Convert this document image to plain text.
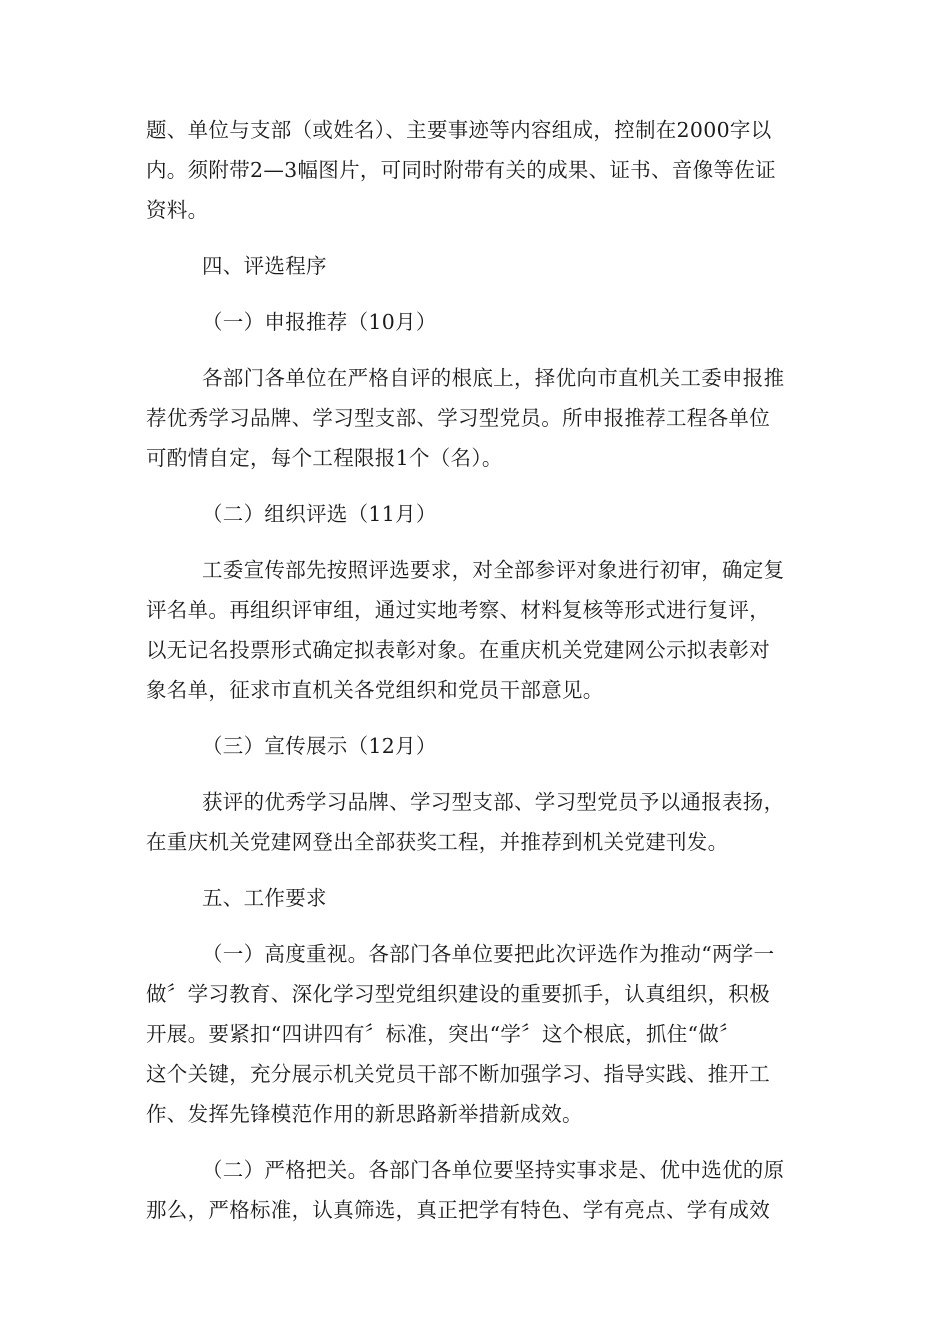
题、单位与支部（或姓名）、主要事迹等内容组成，控制在2000字以
内。须附带2—3幅图片，可同时附带有关的成果、证书、音像等佐证
资料。
四、评选程序
（一）申报推荐（10月）
各部门各单位在严格自评的根底上，择优向市直机关工委申报推
荐优秀学习品牌、学习型支部、学习型党员。所申报推荐工程各单位
可酌情自定，每个工程限报1个（名）。
（二）组织评选（11月）
工委宣传部先按照评选要求，对全部参评对象进行初审，确定复
评名单。再组织评审组，通过实地考察、材料复核等形式进行复评，
以无记名投票形式确定拟表彰对象。在重庆机关党建网公示拟表彰对
象名单，征求市直机关各党组织和党员干部意见。
（三）宣传展示（12月）
获评的优秀学习品牌、学习型支部、学习型党员予以通报表扬，
在重庆机关党建网登出全部获奖工程，并推荐到机关党建刊发。
五、工作要求
（一）高度重视。各部门各单位要把此次评选作为推动“两学一
做〞学习教育、深化学习型党组织建设的重要抓手，认真组织，积极
开展。要紧扣“四讲四有〞标准，突出“学〞这个根底，抓住“做〞
这个关键，充分展示机关党员干部不断加强学习、指导实践、推开工
作、发挥先锋模范作用的新思路新举措新成效。
（二）严格把关。各部门各单位要坚持实事求是、优中选优的原
那么，严格标准，认真筛选，真正把学有特色、学有亮点、学有成效
